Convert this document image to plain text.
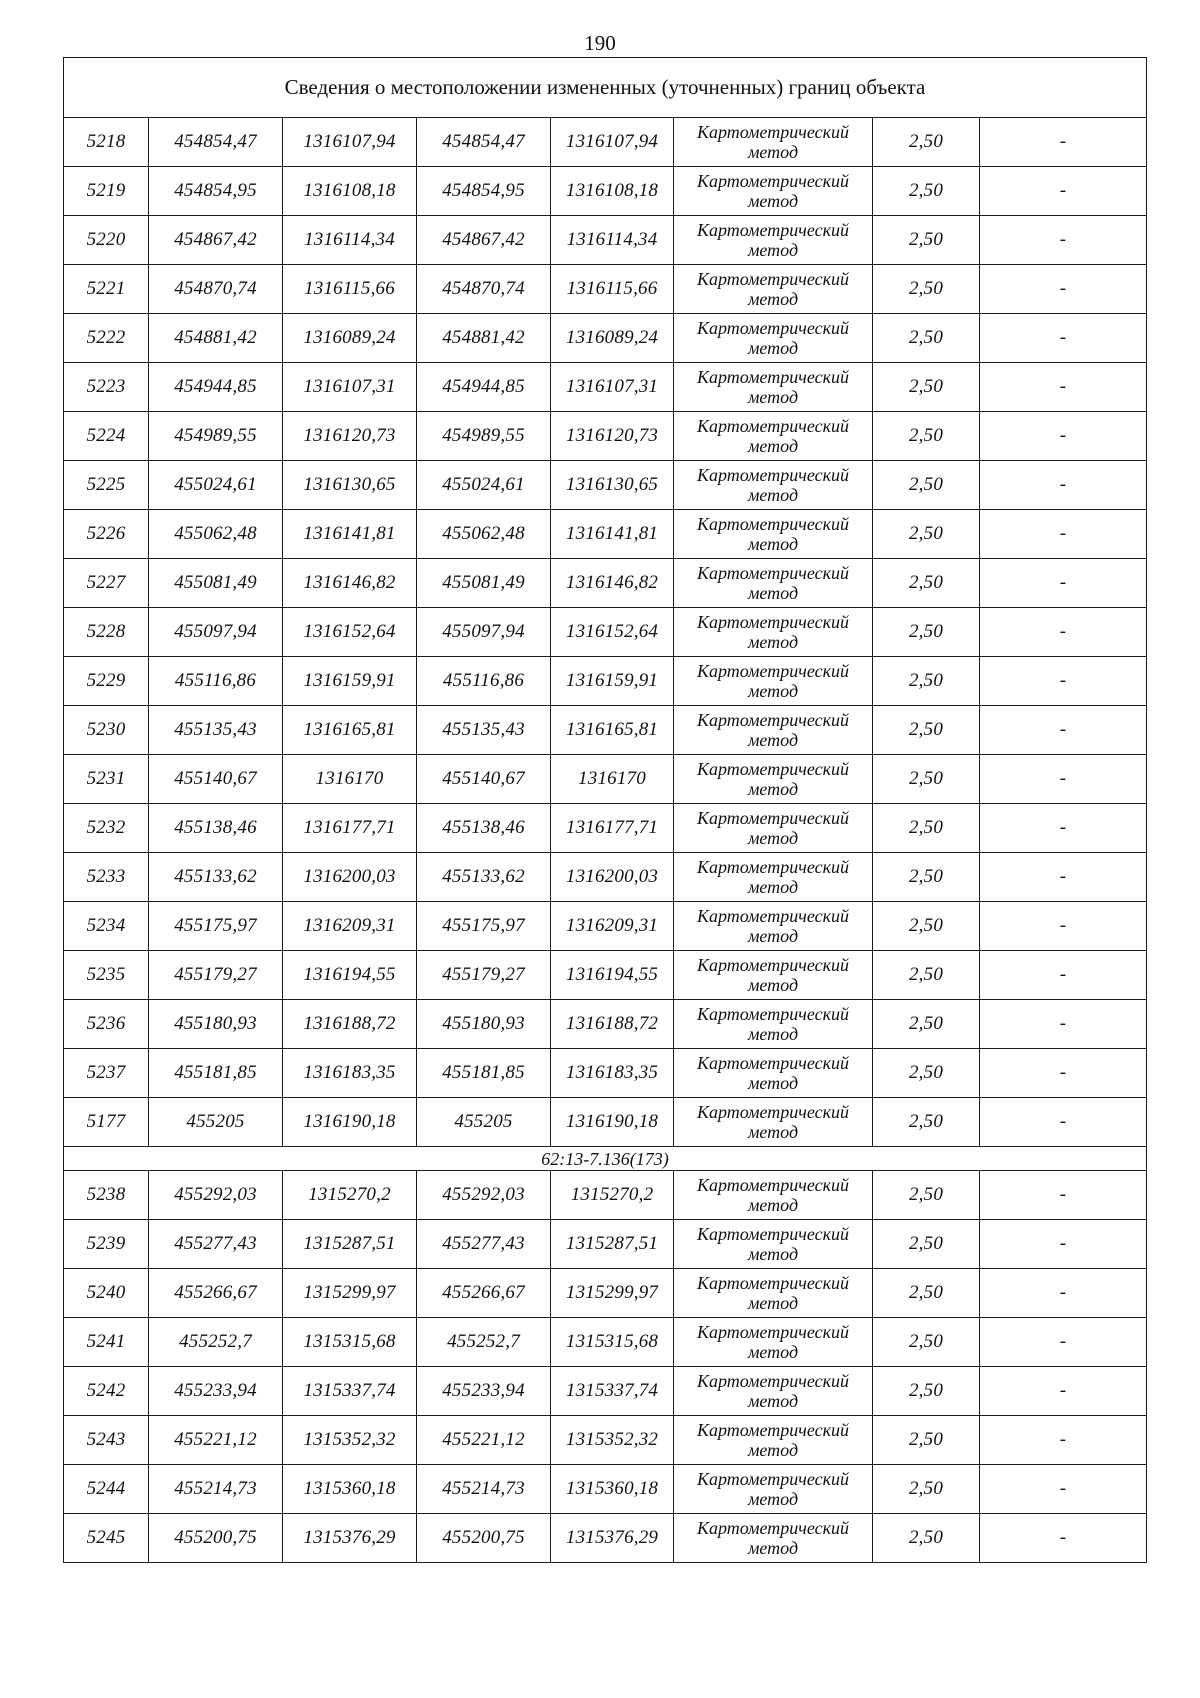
190
Сведения о местоположении измененных (уточненных) границ объекта							
5218	454854,47	1316107,94	454854,47	1316107,94	Картометрический метод	2,50	-
5219	454854,95	1316108,18	454854,95	1316108,18	Картометрический метод	2,50	-
5220	454867,42	1316114,34	454867,42	1316114,34	Картометрический метод	2,50	-
5221	454870,74	1316115,66	454870,74	1316115,66	Картометрический метод	2,50	-
5222	454881,42	1316089,24	454881,42	1316089,24	Картометрический метод	2,50	-
5223	454944,85	1316107,31	454944,85	1316107,31	Картометрический метод	2,50	-
5224	454989,55	1316120,73	454989,55	1316120,73	Картометрический метод	2,50	-
5225	455024,61	1316130,65	455024,61	1316130,65	Картометрический метод	2,50	-
5226	455062,48	1316141,81	455062,48	1316141,81	Картометрический метод	2,50	-
5227	455081,49	1316146,82	455081,49	1316146,82	Картометрический метод	2,50	-
5228	455097,94	1316152,64	455097,94	1316152,64	Картометрический метод	2,50	-
5229	455116,86	1316159,91	455116,86	1316159,91	Картометрический метод	2,50	-
5230	455135,43	1316165,81	455135,43	1316165,81	Картометрический метод	2,50	-
5231	455140,67	1316170	455140,67	1316170	Картометрический метод	2,50	-
5232	455138,46	1316177,71	455138,46	1316177,71	Картометрический метод	2,50	-
5233	455133,62	1316200,03	455133,62	1316200,03	Картометрический метод	2,50	-
5234	455175,97	1316209,31	455175,97	1316209,31	Картометрический метод	2,50	-
5235	455179,27	1316194,55	455179,27	1316194,55	Картометрический метод	2,50	-
5236	455180,93	1316188,72	455180,93	1316188,72	Картометрический метод	2,50	-
5237	455181,85	1316183,35	455181,85	1316183,35	Картометрический метод	2,50	-
5177	455205	1316190,18	455205	1316190,18	Картометрический метод	2,50	-
62:13-7.136(173)							
5238	455292,03	1315270,2	455292,03	1315270,2	Картометрический метод	2,50	-
5239	455277,43	1315287,51	455277,43	1315287,51	Картометрический метод	2,50	-
5240	455266,67	1315299,97	455266,67	1315299,97	Картометрический метод	2,50	-
5241	455252,7	1315315,68	455252,7	1315315,68	Картометрический метод	2,50	-
5242	455233,94	1315337,74	455233,94	1315337,74	Картометрический метод	2,50	-
5243	455221,12	1315352,32	455221,12	1315352,32	Картометрический метод	2,50	-
5244	455214,73	1315360,18	455214,73	1315360,18	Картометрический метод	2,50	-
5245	455200,75	1315376,29	455200,75	1315376,29	Картометрический метод	2,50	-
